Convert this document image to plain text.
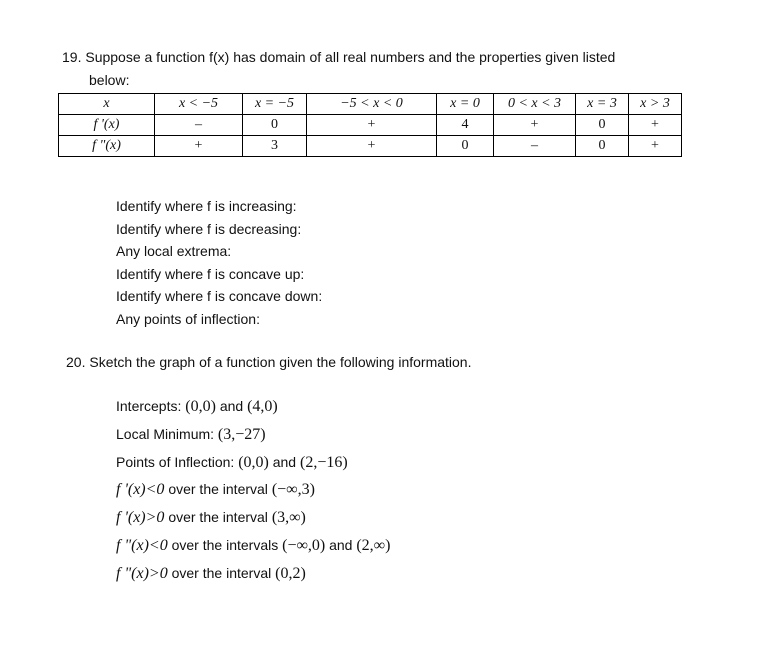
19. Suppose a function f(x) has domain of all real numbers and the properties given listed
below:
x	x < −5	x = −5	−5 < x < 0	x = 0	0 < x < 3	x = 3	x > 3
f '(x)	–	0	+	4	+	0	+
f "(x)	+	3	+	0	–	0	+
Identify where f is increasing:
Identify where f is decreasing:
Any local extrema:
Identify where f is concave up:
Identify where f is concave down:
Any points of inflection:
20. Sketch the graph of a function given the following information.
Intercepts: (0,0) and (4,0)
Local Minimum: (3,−27)
Points of Inflection: (0,0) and (2,−16)
f '(x)<0 over the interval (−∞,3)
f '(x)>0 over the interval (3,∞)
f "(x)<0 over the intervals (−∞,0) and (2,∞)
f "(x)>0 over the interval (0,2)
